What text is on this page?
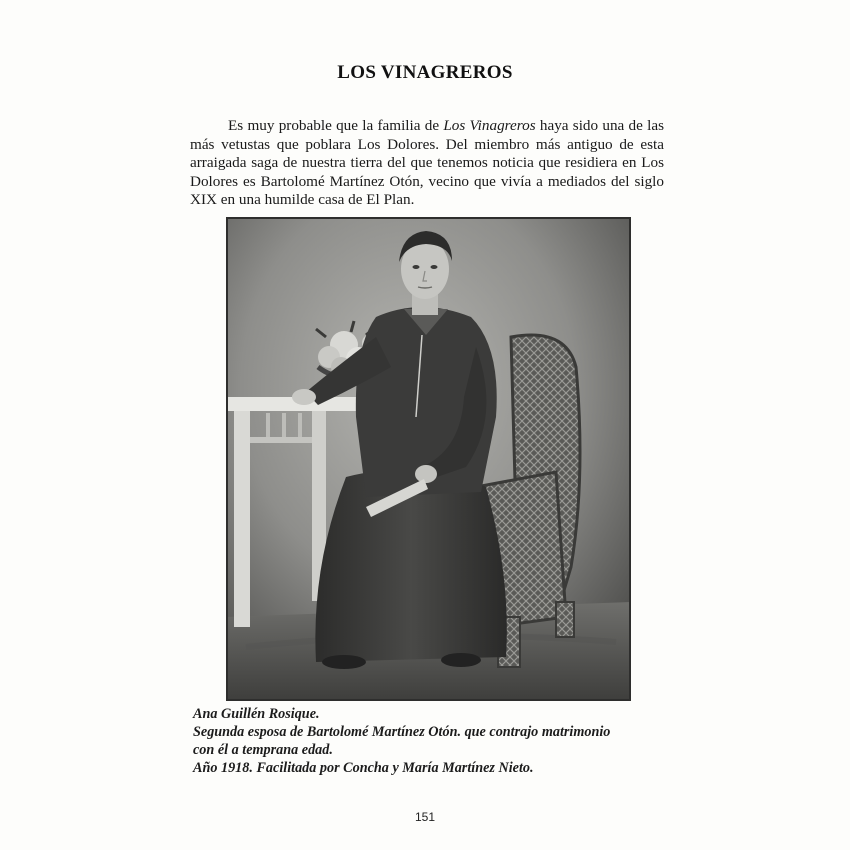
LOS VINAGREROS
Es muy probable que la familia de Los Vinagreros haya sido una de las más vetustas que poblara Los Dolores. Del miembro más antiguo de esta arraigada saga de nuestra tierra del que tenemos noticia que residiera en Los Dolores es Bartolomé Martínez Otón, vecino que vivía a mediados del siglo XIX en una humilde casa de El Plan.
Ana Guillén Rosique.
Segunda esposa de Bartolomé Martínez Otón. que contrajo matrimonio
con él a temprana edad.
Año 1918. Facilitada por Concha y María Martínez Nieto.
151
